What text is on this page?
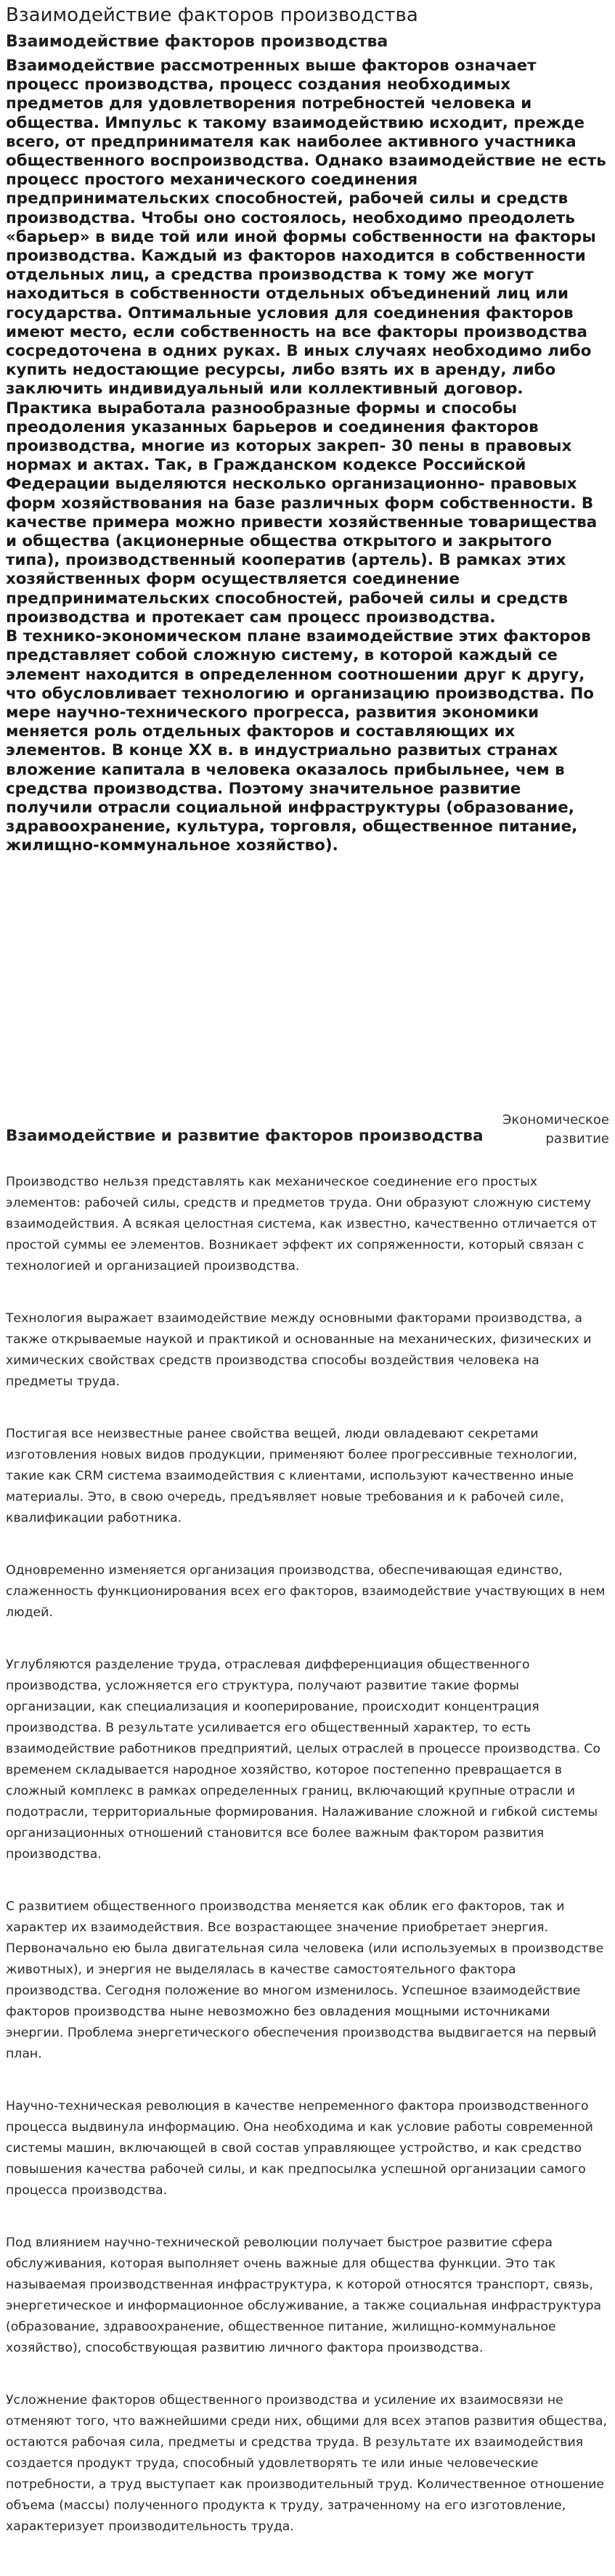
Взаимодействие факторов производства
Взаимодействие факторов производства

Взаимодействие рассмотренных выше факторов означает процесс производства, процесс создания необходимых предметов для удовлетворения потребностей человека и общества. Импульс к такому взаимодействию исходит, прежде всего, от предпринимателя как наиболее активного участника общественного воспроизводства. Однако взаимодействие не есть процесс простого механического соединения предпринимательских способностей, рабочей силы и средств производства. Чтобы оно состоялось, необходимо преодолеть «барьер» в виде той или иной формы собственности на факторы производства. Каждый из факторов находится в собственности отдельных лиц, а средства производства к тому же могут находиться в собственности отдельных объединений лиц или государства. Оптимальные условия для соединения факторов имеют место, если собственность на все факторы производства сосредоточена в одних руках. В иных случаях необходимо либо купить недостающие ресурсы, либо взять их в аренду, либо заключить индивидуальный или коллективный договор. Практика выработала разнообразные формы и способы преодоления указанных барьеров и соединения факторов производства, многие из которых закреп- 30 пены в правовых нормах и актах. Так, в Гражданском кодексе Российской Федерации выделяются несколько организационно- правовых форм хозяйствования на базе различных форм собственности. В качестве примера можно привести хозяйственные товарищества и общества (акционерные общества открытого и закрытого типа), производственный кооператив (артель). В рамках этих хозяйственных форм осуществляется соединение предпринимательских способностей, рабочей силы и средств производства и протекает сам процесс производства.

В технико-экономическом плане взаимодействие этих факторов представляет собой сложную систему, в которой каждый се элемент находится в определенном соотношении друг к другу, что обусловливает технологию и организацию производства. По мере научно-технического прогресса, развития экономики меняется роль отдельных факторов и составляющих их элементов. В конце XX в. в индустриально развитых странах вложение капитала в человека оказалось прибыльнее, чем в средства производства. Поэтому значительное развитие получили отрасли социальной инфраструктуры (образование, здравоохранение, культура, торговля, общественное питание, жилищно-коммунальное хозяйство).

Взаимодействие и развитие факторов производства
Экономическое развитие

Производство нельзя представлять как механическое соединение его простых элементов: рабочей силы, средств и предметов труда. Они образуют сложную систему взаимодействия. А всякая целостная система, как известно, качественно отличается от простой суммы ее элементов. Возникает эффект их сопряженности, который связан с технологией и организацией производства.

Технология выражает взаимодействие между основными факторами производства, а также открываемые наукой и практикой и основанные на механических, физических и химических свойствах средств производства способы воздействия человека на предметы труда.

Постигая все неизвестные ранее свойства вещей, люди овладевают секретами изготовления новых видов продукции, применяют более прогрессивные технологии, такие как CRM система взаимодействия с клиентами, используют качественно иные материалы. Это, в свою очередь, предъявляет новые требования и к рабочей силе, квалификации работника.

Одновременно изменяется организация производства, обеспечивающая единство, слаженность функционирования всех его факторов, взаимодействие участвующих в нем людей.

Углубляются разделение труда, отраслевая дифференциация общественного производства, усложняется его структура, получают развитие такие формы организации, как специализация и кооперирование, происходит концентрация производства. В результате усиливается его общественный характер, то есть взаимодействие работников предприятий, целых отраслей в процессе производства. Со временем складывается народное хозяйство, которое постепенно превращается в сложный комплекс в рамках определенных границ, включающий крупные отрасли и подотрасли, территориальные формирования. Налаживание сложной и гибкой системы организационных отношений становится все более важным фактором развития производства.

С развитием общественного производства меняется как облик его факторов, так и характер их взаимодействия. Все возрастающее значение приобретает энергия. Первоначально ею была двигательная сила человека (или используемых в производстве животных), и энергия не выделялась в качестве самостоятельного фактора производства. Сегодня положение во многом изменилось. Успешное взаимодействие факторов производства ныне невозможно без овладения мощными источниками энергии. Проблема энергетического обеспечения производства выдвигается на первый план.

Научно-техническая революция в качестве непременного фактора производственного процесса выдвинула информацию. Она необходима и как условие работы современной системы машин, включающей в свой состав управляющее устройство, и как средство повышения качества рабочей силы, и как предпосылка успешной организации самого процесса производства.

Под влиянием научно-технической революции получает быстрое развитие сфера обслуживания, которая выполняет очень важные для общества функции. Это так называемая производственная инфраструктура, к которой относятся транспорт, связь, энергетическое и информационное обслуживание, а также социальная инфраструктура (образование, здравоохранение, общественное питание, жилищно-коммунальное хозяйство), способствующая развитию личного фактора производства.

Усложнение факторов общественного производства и усиление их взаимосвязи не отменяют того, что важнейшими среди них, общими для всех этапов развития общества, остаются рабочая сила, предметы и средства труда. В результате их взаимодействия создается продукт труда, способный удовлетворять те или иные человеческие потребности, а труд выступает как производительный труд. Количественное отношение объема (массы) полученного продукта к труду, затраченному на его изготовление, характеризует производительность труда.
